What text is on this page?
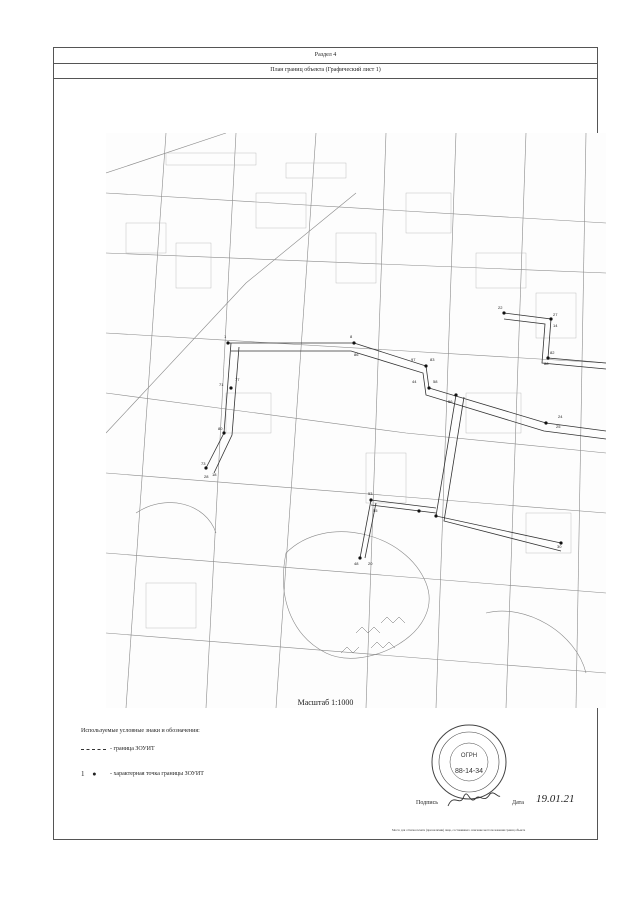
Раздел 4
План границ объекта (Графический лист 1)
1	8
86
71
77
80
73
28 18
22
27
14
88
82
97	83
44	58
56
24
25
53
55
48 20
30
Масштаб 1:1000
Используемые условные знаки и обозначения:
- граница ЗОУИТ
1 ●	- характерная точка границы ЗОУИТ
ОГРН
88-14-34
Подпись	Дата 19.01.21
Место для оттиска печати (при наличии) лица, составившего описание местоположения границ объекта
